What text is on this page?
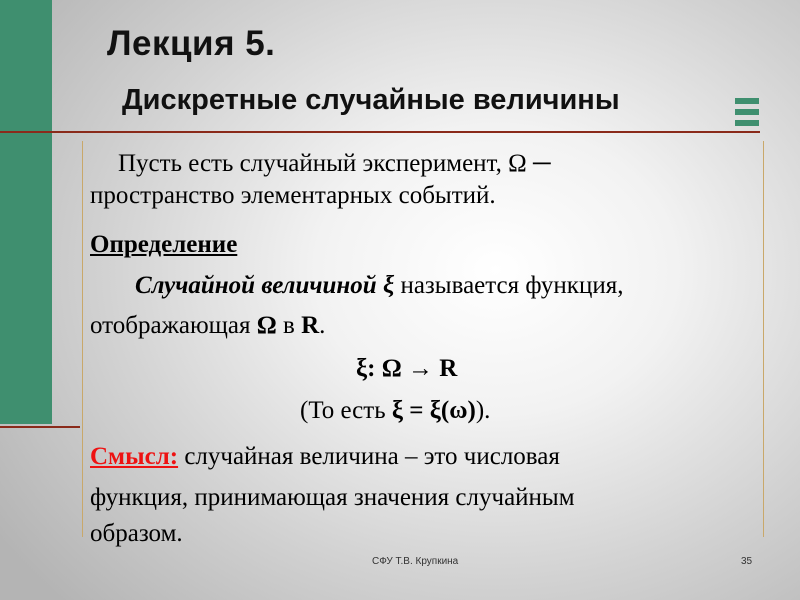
Лекция 5.
Дискретные случайные величины
Пусть есть случайный эксперимент, Ω ─
пространство элементарных событий.
Определение
Случайной величиной ξ называется функция,
отображающая Ω в R.
ξ: Ω → R
(То есть ξ = ξ(ω)).
Смысл: случайная величина – это числовая
функция, принимающая значения случайным
образом.
СФУ Т.В. Крупкина	35
